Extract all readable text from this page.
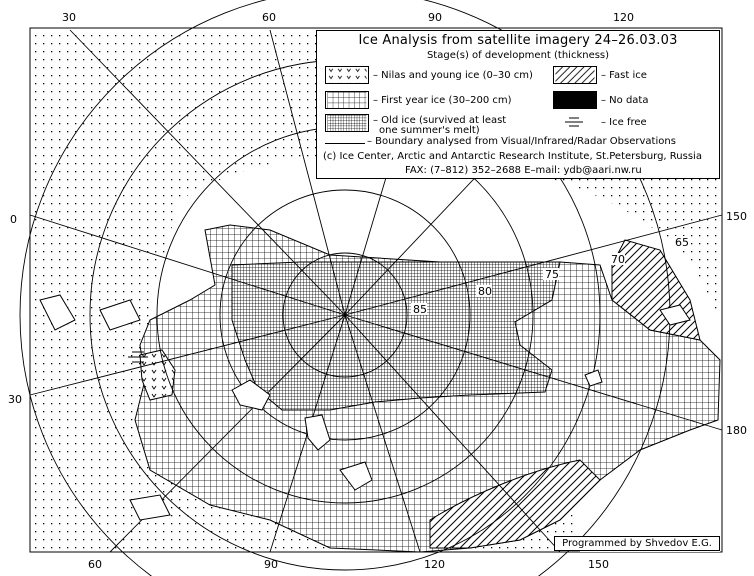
30	60	90	120
60	90	120	150
0
30
150
180
85
80
75
70
65
Ice Analysis from satellite imagery 24–26.03.03
Stage(s) of development (thickness)
– Nilas and young ice (0–30 cm)	– Fast ice
– First year ice (30–200 cm)	– No data
– Old ice (survived at least
one summer's melt)
– Ice free
– Boundary analysed from Visual/Infrared/Radar Observations
(c) Ice Center, Arctic and Antarctic Research Institute, St.Petersburg, Russia
FAX: (7–812) 352–2688 E–mail: ydb@aari.nw.ru
Programmed by Shvedov E.G.
